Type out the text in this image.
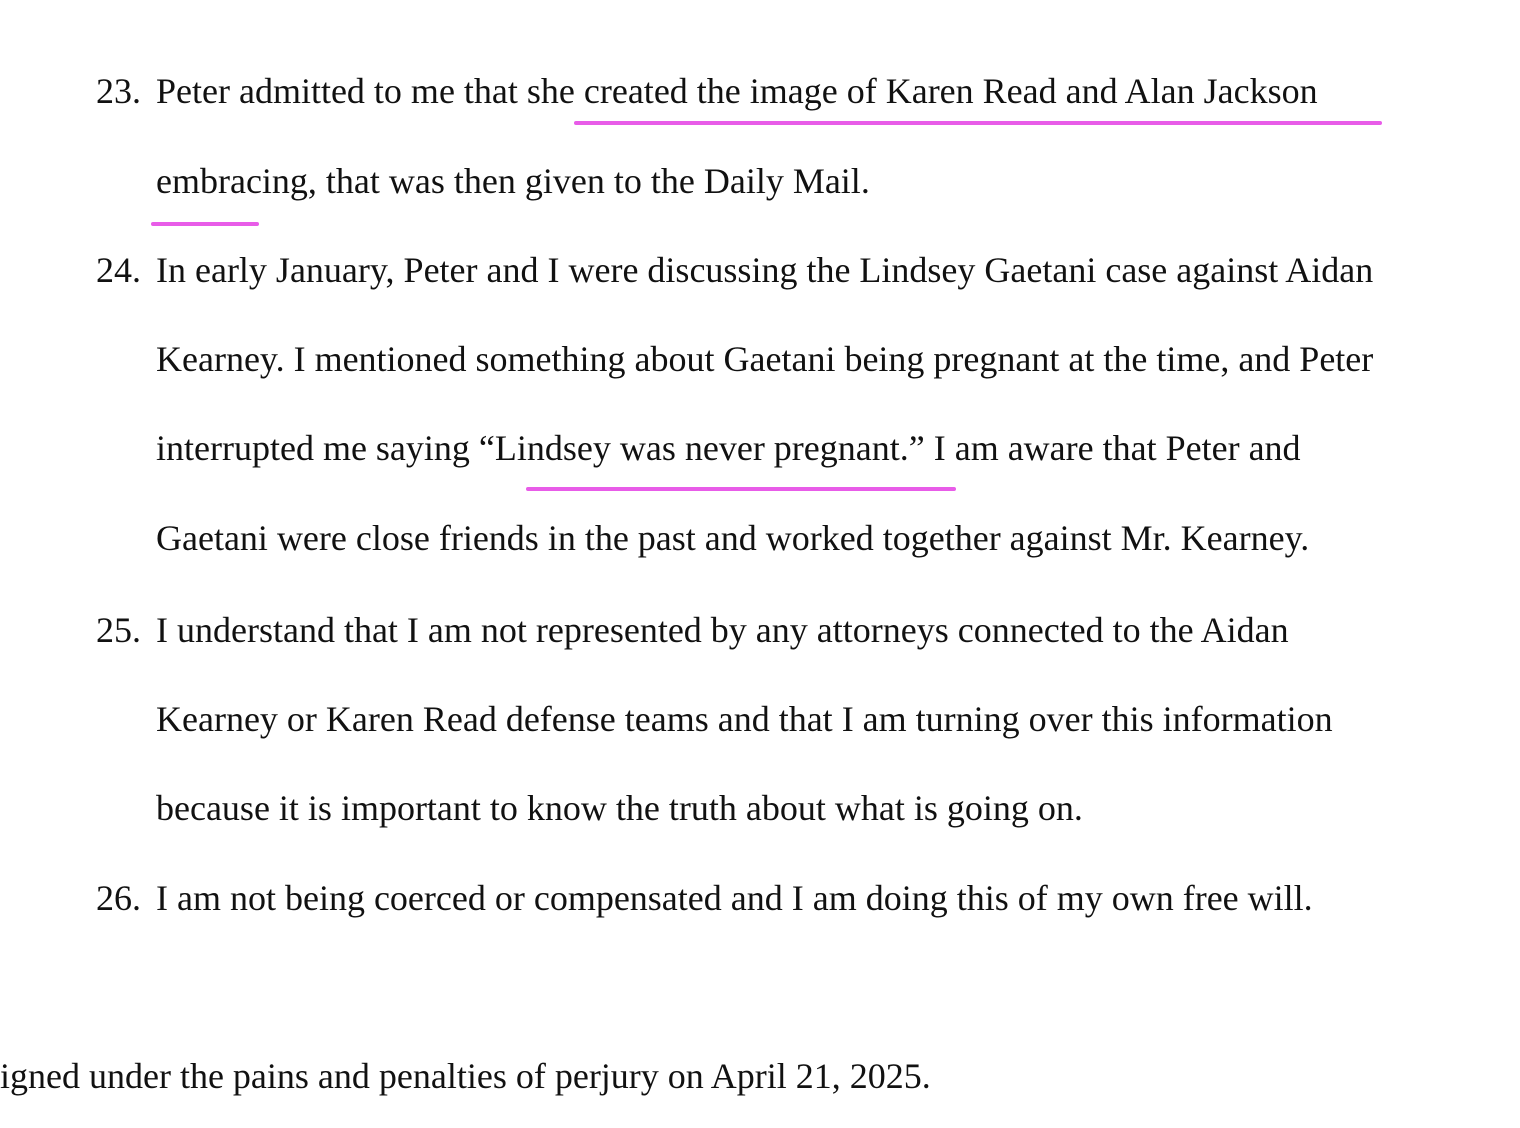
23. Peter admitted to me that she created the image of Karen Read and Alan Jackson
embracing, that was then given to the Daily Mail.
24. In early January, Peter and I were discussing the Lindsey Gaetani case against Aidan
Kearney. I mentioned something about Gaetani being pregnant at the time, and Peter
interrupted me saying “Lindsey was never pregnant.” I am aware that Peter and
Gaetani were close friends in the past and worked together against Mr. Kearney.
25. I understand that I am not represented by any attorneys connected to the Aidan
Kearney or Karen Read defense teams and that I am turning over this information
because it is important to know the truth about what is going on.
26. I am not being coerced or compensated and I am doing this of my own free will.
igned under the pains and penalties of perjury on April 21, 2025.
